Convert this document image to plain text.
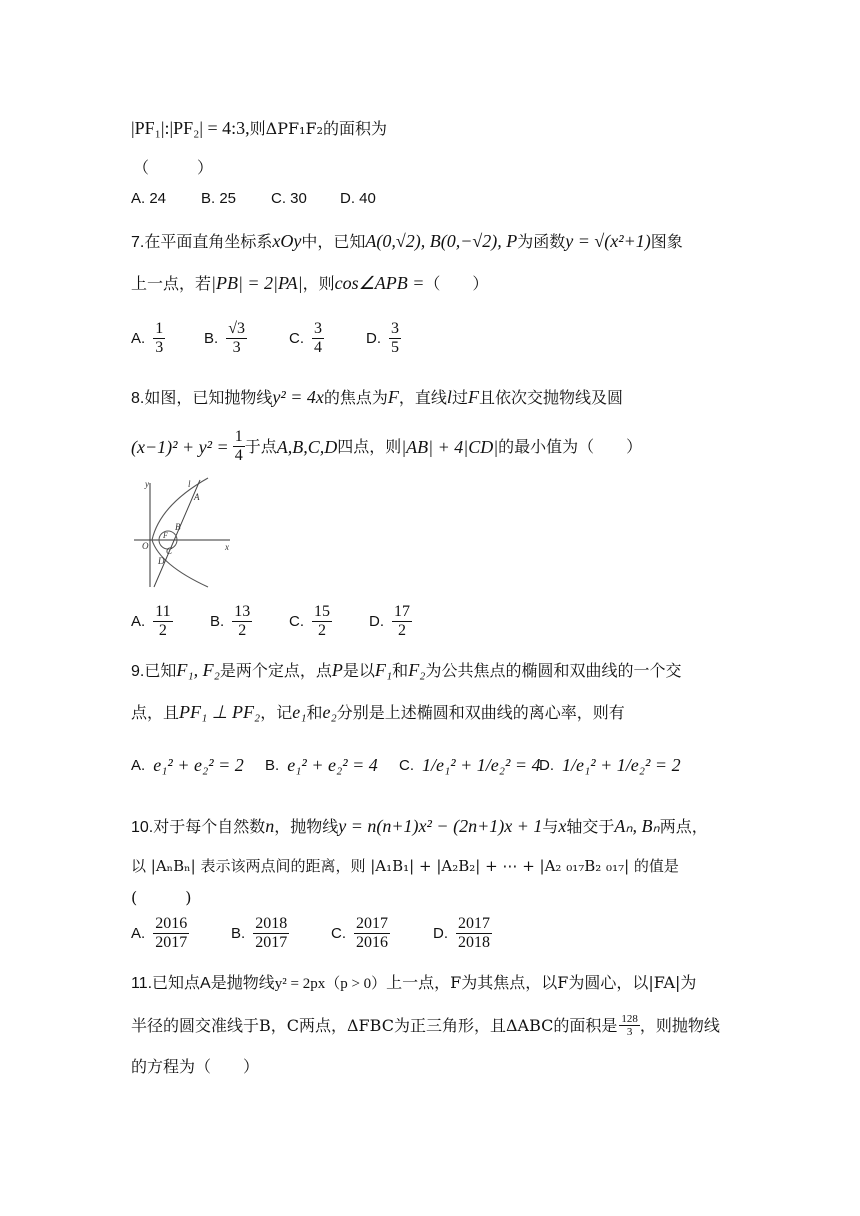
|PF₁|:|PF₂| = 4:3,则ΔPF₁F₂的面积为
（　　　）
A. 24 B. 25 C. 30 D. 40
7.在平面直角坐标系xOy中，已知A(0,√2), B(0,−√2), P为函数y = √(x²+1)图象
上一点，若|PB| = 2|PA|，则cos∠APB =（　　）
A. $\frac{1}{3}$	B. $\frac{√3}{3}$	C. $\frac{3}{4}$	D. $\frac{3}{5}$
8.如图，已知抛物线y² = 4x的焦点为F，直线l过F且依次交抛物线及圆
$(x-1)^2 + y^2 = \frac{1}{4}$ 于点 A,B,C,D 四点，则 |AB| + 4|CD| 的最小值为（　　）
y	l
A
B
F
O C
D
x
A. $\frac{11}{2} B$. $\frac{13}{2} C$. $\frac{15}{2} D$. $\frac{17}{2}$
9.已知F₁, F₂是两个定点，点P是以F₁和F₂为公共焦点的椭圆和双曲线的一个交
点，且PF₁ ⊥ PF₂，记e₁和e₂分别是上述椭圆和双曲线的离心率，则有
A. e₁² + e₂² = 2 B. e₁² + e₂² = 4 C. 1/e₁² + 1/e₂² = 4
D. 1/e₁² + 1/e₂² = 2
10.对于每个自然数n，抛物线y = n(n+1)x² − (2n+1)x + 1与x轴交于Aₙ, Bₙ两点，
以 |AₙBₙ| 表示该两点间的距离，则 |A₁B₁| + |A₂B₂| + ⋯ + |A₂ ₀₁₇B₂ ₀₁₇| 的值是
(　　　)
A. $\frac{2016}{2017}$	B. $\frac{2018}{2017}$	C. $\frac{2017}{2016}$	D. $\frac{2017}{2018}$
11.已知点A是抛物线y² = 2px（p > 0）上一点，F为其焦点，以F为圆心，以|FA|为
半径的圆交准线于B，C两点，ΔFBC为正三角形，且ΔABC的面积是 $\frac{128}{3}$ ，则抛物线
的方程为（　　）
